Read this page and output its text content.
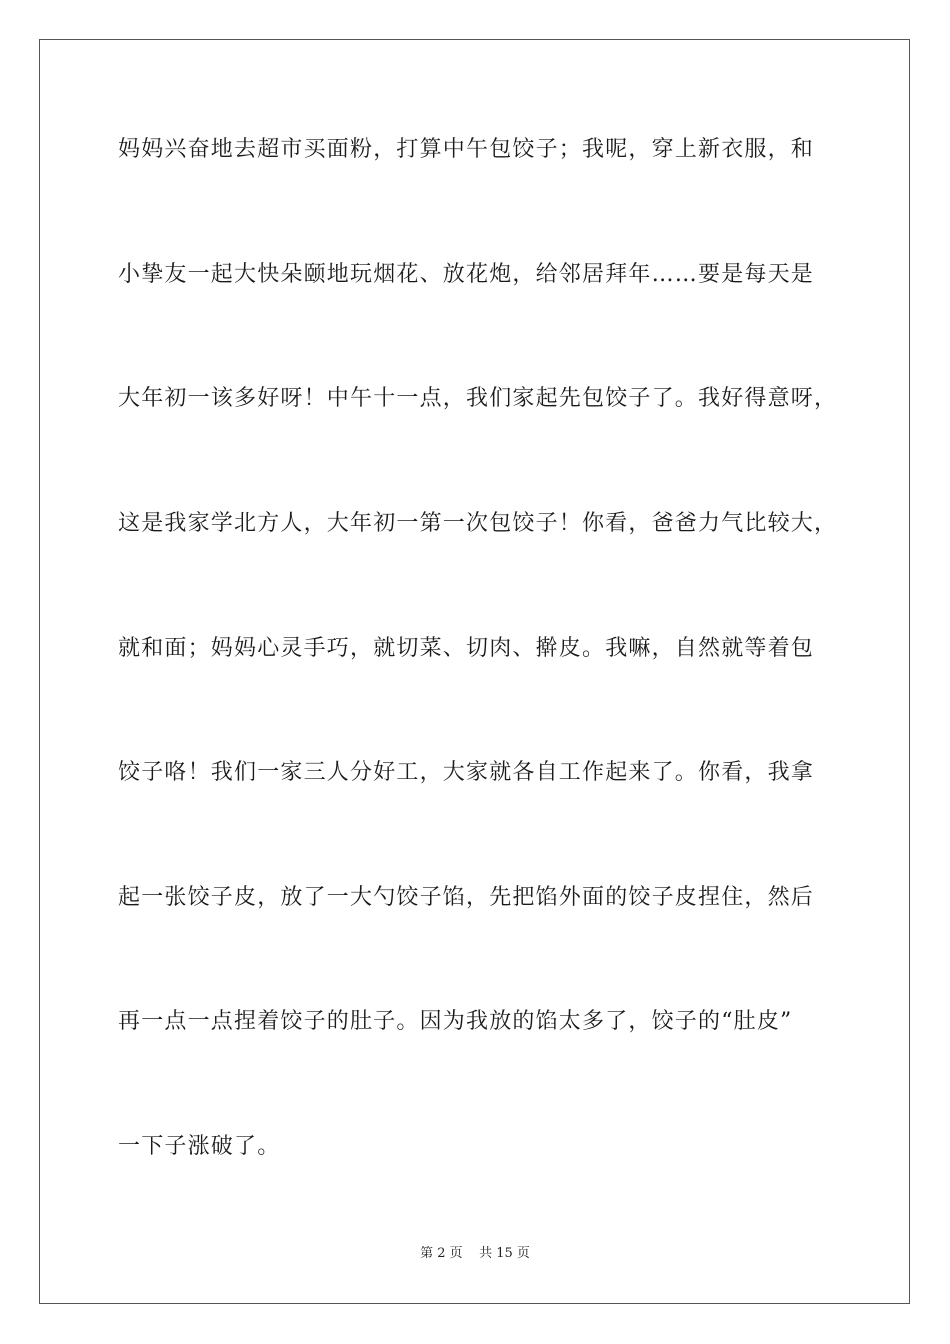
妈妈兴奋地去超市买面粉，打算中午包饺子；我呢，穿上新衣服，和
小挚友一起大快朵颐地玩烟花、放花炮，给邻居拜年……要是每天是
大年初一该多好呀！中午十一点，我们家起先包饺子了。我好得意呀，
这是我家学北方人，大年初一第一次包饺子！你看，爸爸力气比较大，
就和面；妈妈心灵手巧，就切菜、切肉、擀皮。我嘛，自然就等着包
饺子咯！我们一家三人分好工，大家就各自工作起来了。你看，我拿
起一张饺子皮，放了一大勺饺子馅，先把馅外面的饺子皮捏住，然后
再一点一点捏着饺子的肚子。因为我放的馅太多了，饺子的“肚皮”
一下子涨破了。
第 2 页    共 15 页
